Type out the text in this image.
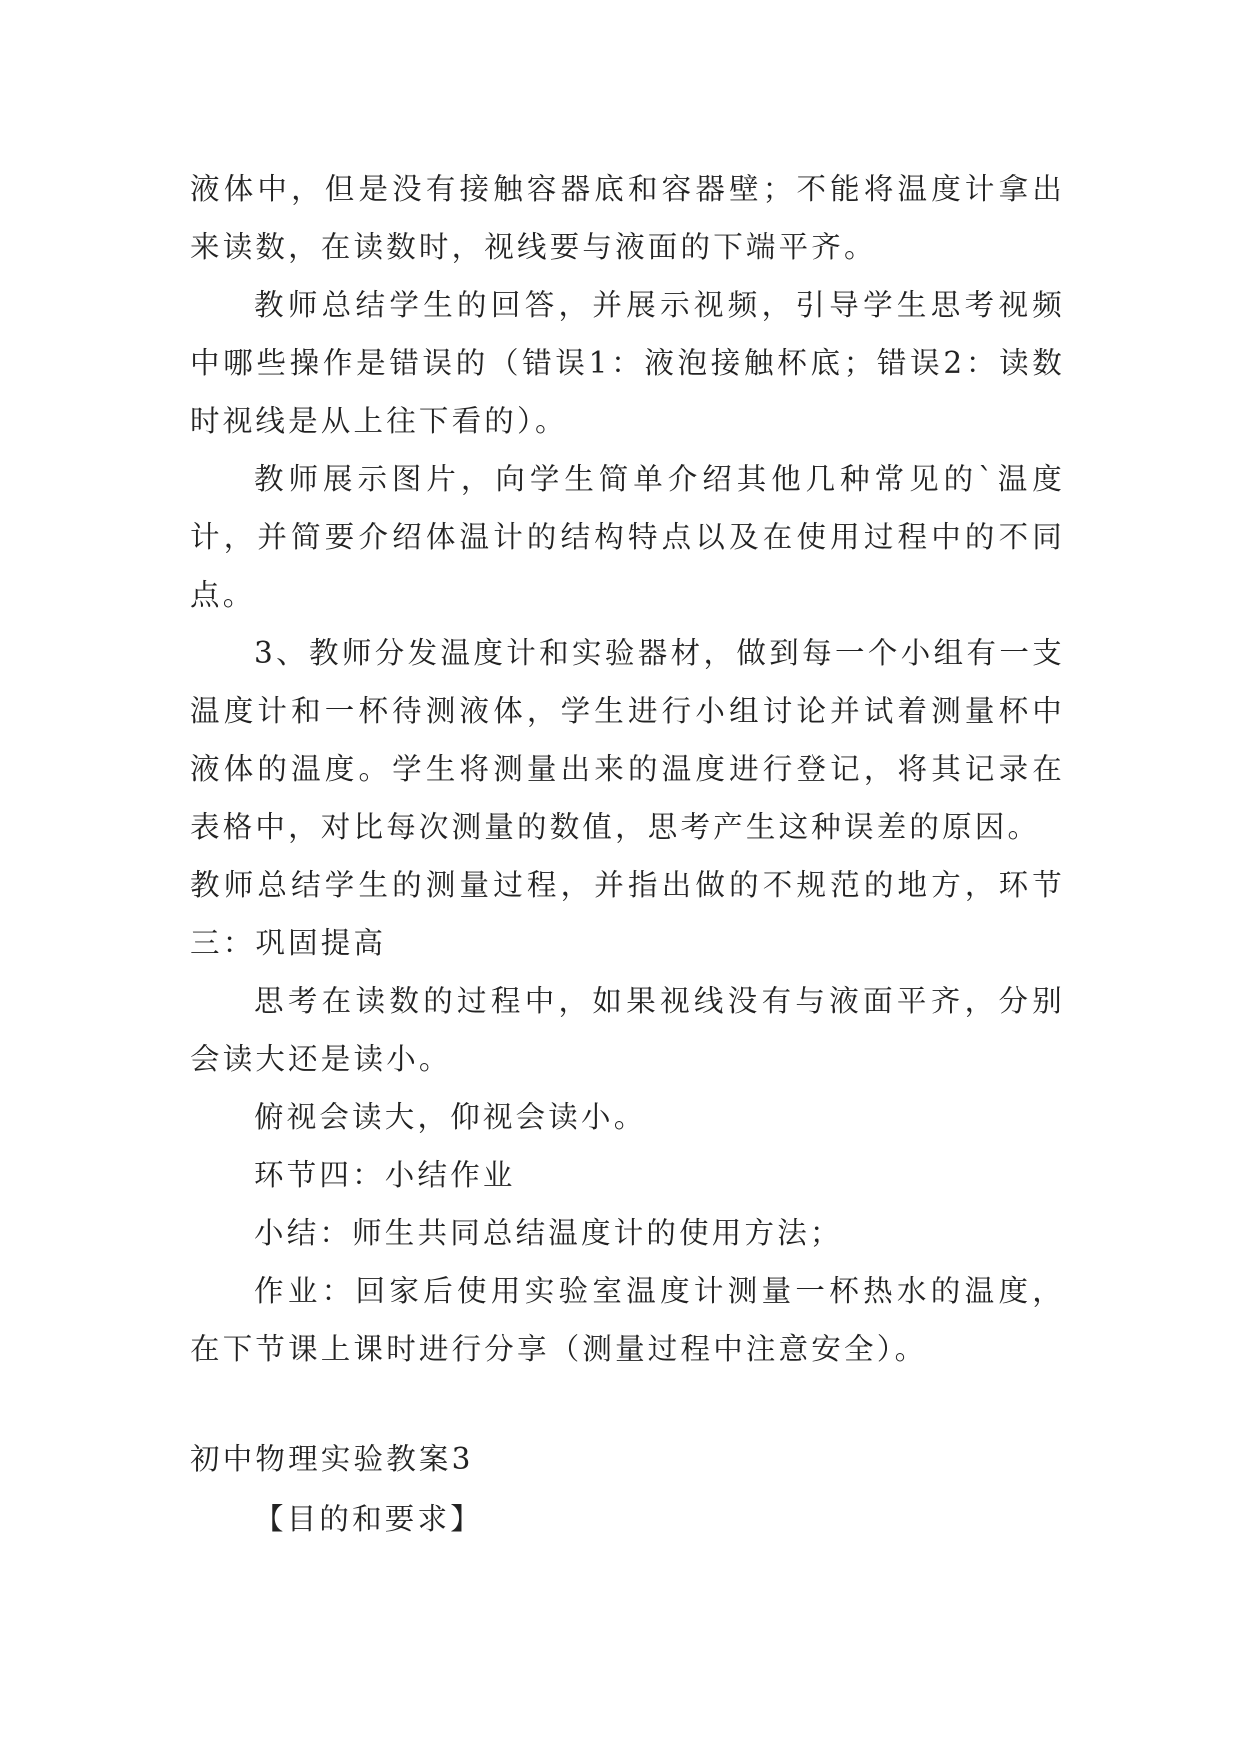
液体中，但是没有接触容器底和容器壁；不能将温度计拿出来读数，在读数时，视线要与液面的下端平齐。

教师总结学生的回答，并展示视频，引导学生思考视频中哪些操作是错误的（错误1：液泡接触杯底；错误2：读数时视线是从上往下看的）。

教师展示图片，向学生简单介绍其他几种常见的`温度计，并简要介绍体温计的结构特点以及在使用过程中的不同点。

3、教师分发温度计和实验器材，做到每一个小组有一支温度计和一杯待测液体，学生进行小组讨论并试着测量杯中液体的温度。学生将测量出来的温度进行登记，将其记录在表格中，对比每次测量的数值，思考产生这种误差的原因。

教师总结学生的测量过程，并指出做的不规范的地方，环节三：巩固提高

思考在读数的过程中，如果视线没有与液面平齐，分别会读大还是读小。

俯视会读大，仰视会读小。

环节四：小结作业

小结：师生共同总结温度计的使用方法；

作业：回家后使用实验室温度计测量一杯热水的温度，在下节课上课时进行分享（测量过程中注意安全）。

初中物理实验教案3

【目的和要求】
